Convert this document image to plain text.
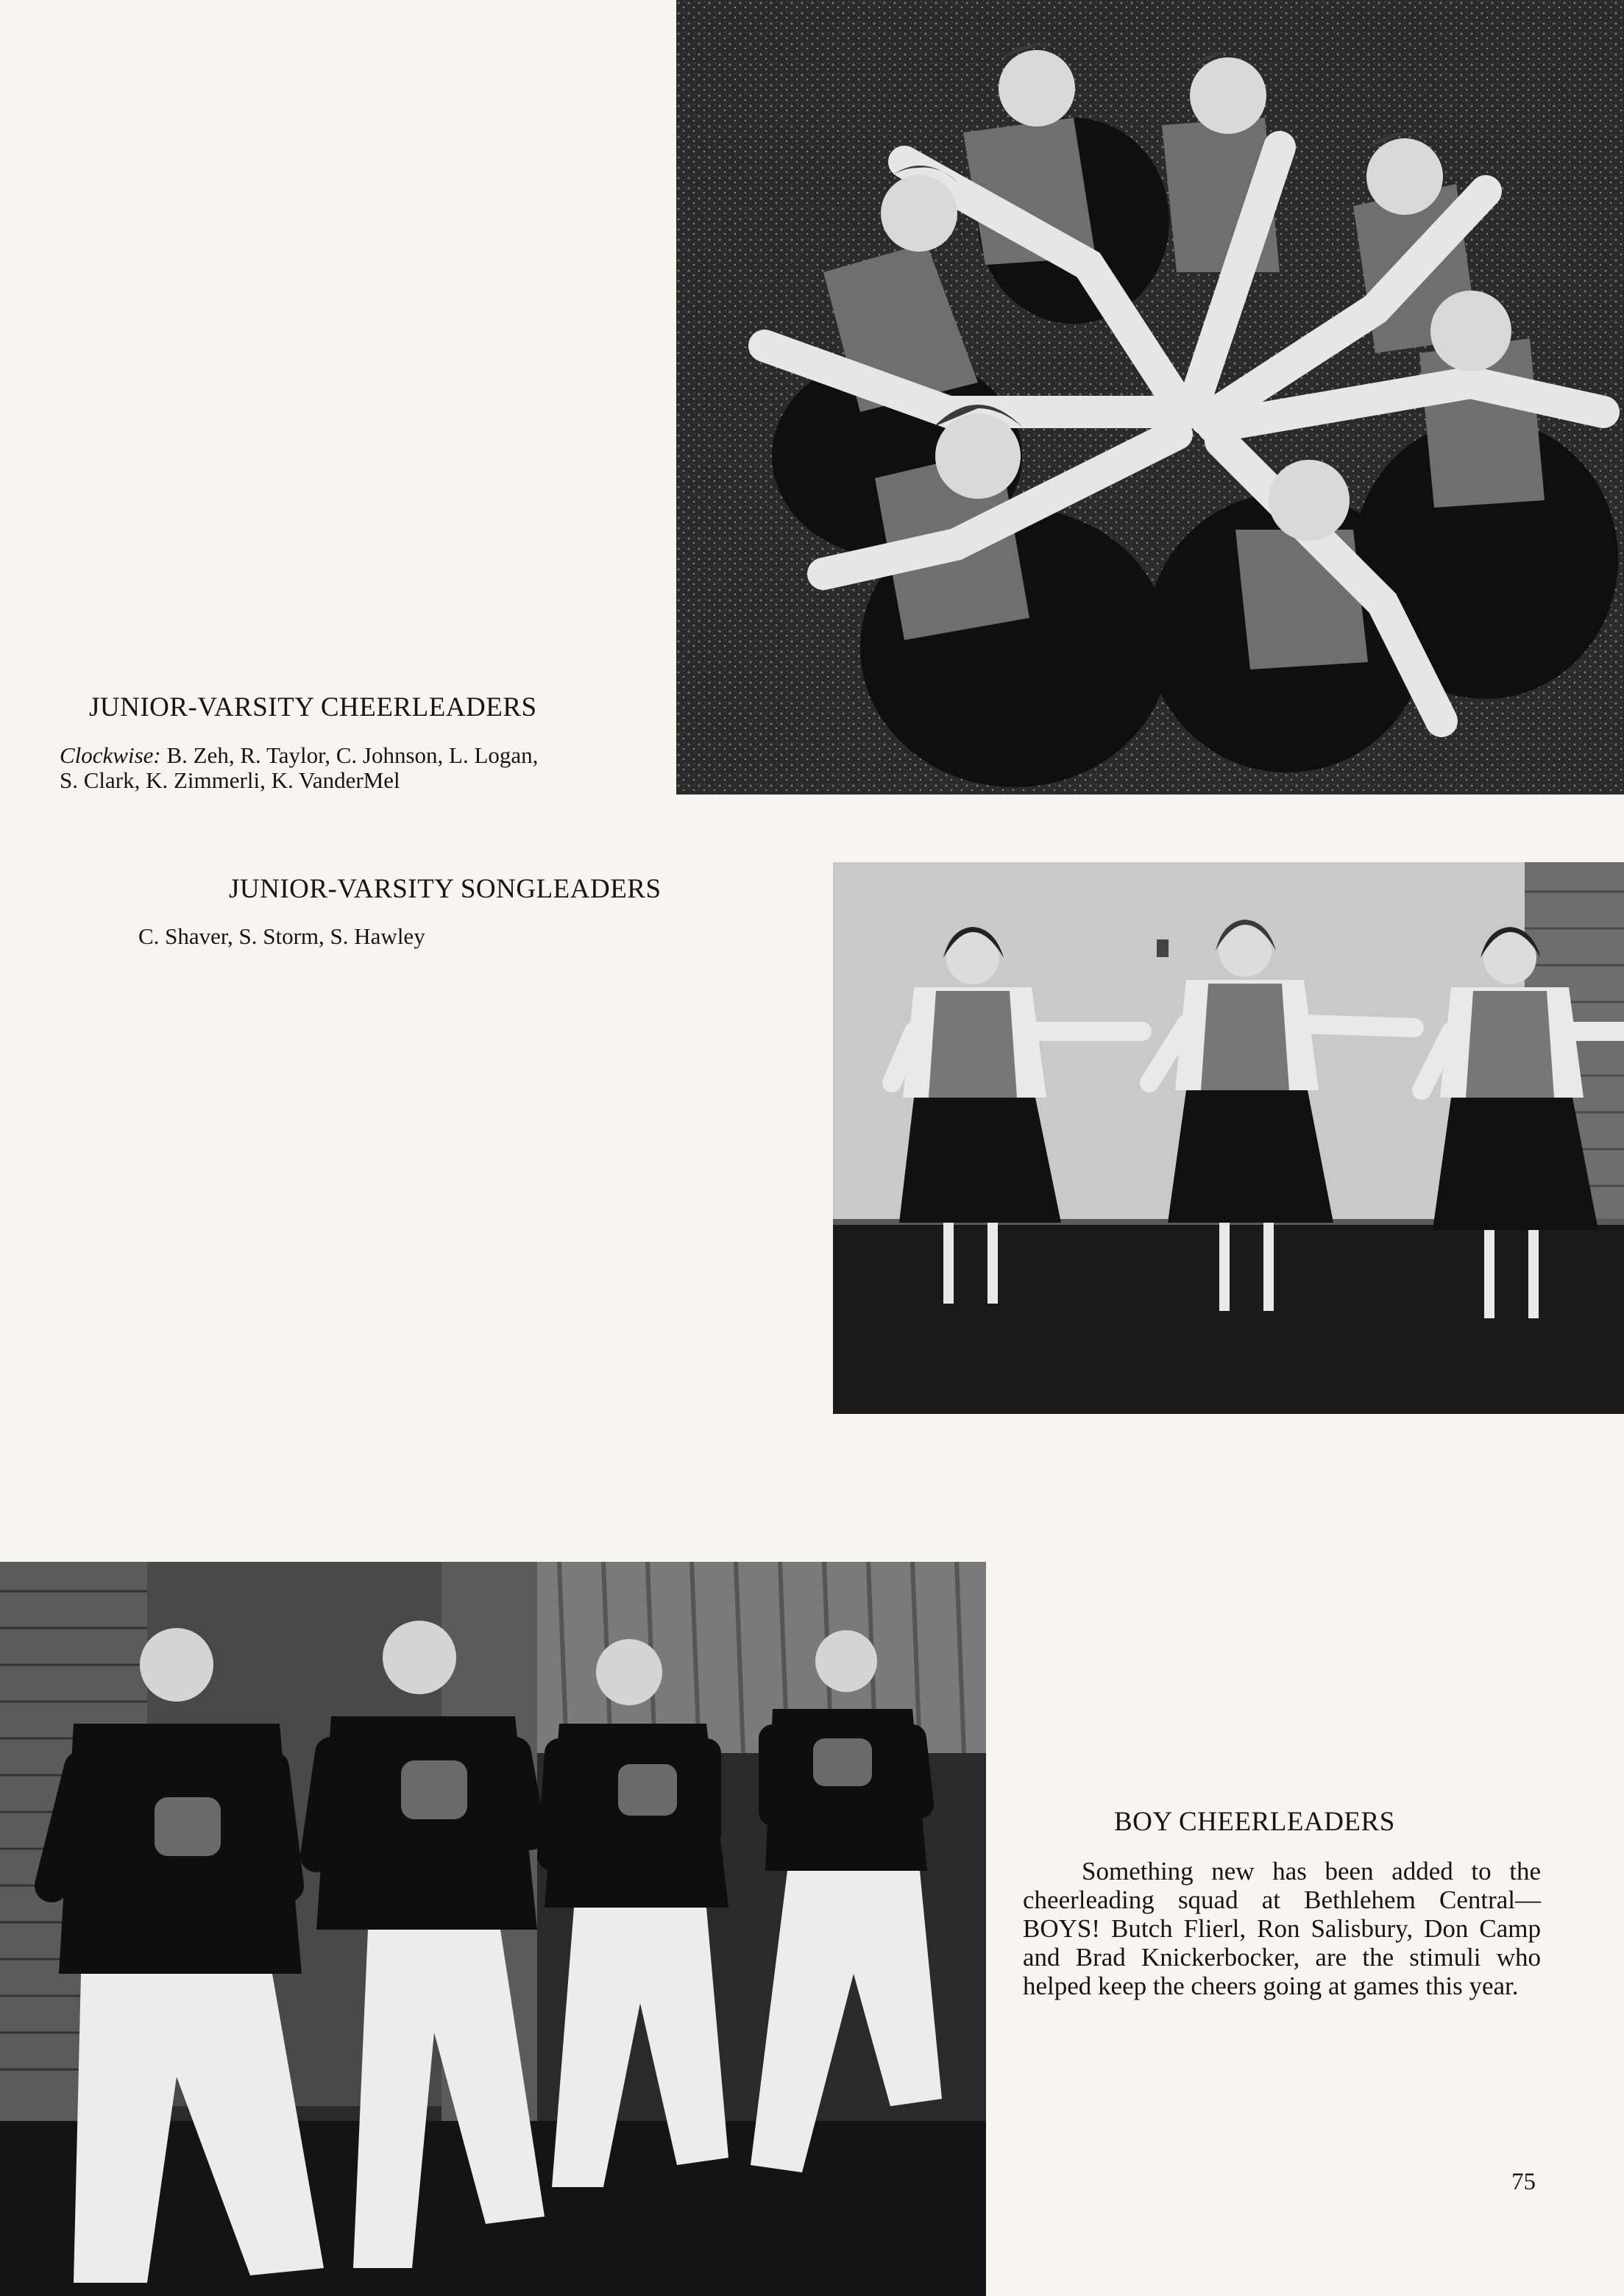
JUNIOR-VARSITY CHEERLEADERS
Clockwise: B. Zeh, R. Taylor, C. Johnson, L. Logan,
S. Clark, K. Zimmerli, K. VanderMel
JUNIOR-VARSITY SONGLEADERS
C. Shaver, S. Storm, S. Hawley
BOY CHEERLEADERS

Something new has been added to the cheerleading squad at Bethlehem Central—BOYS! Butch Flierl, Ron Salisbury, Don Camp and Brad Knickerbocker, are the stimuli who helped keep the cheers going at games this year.

75
